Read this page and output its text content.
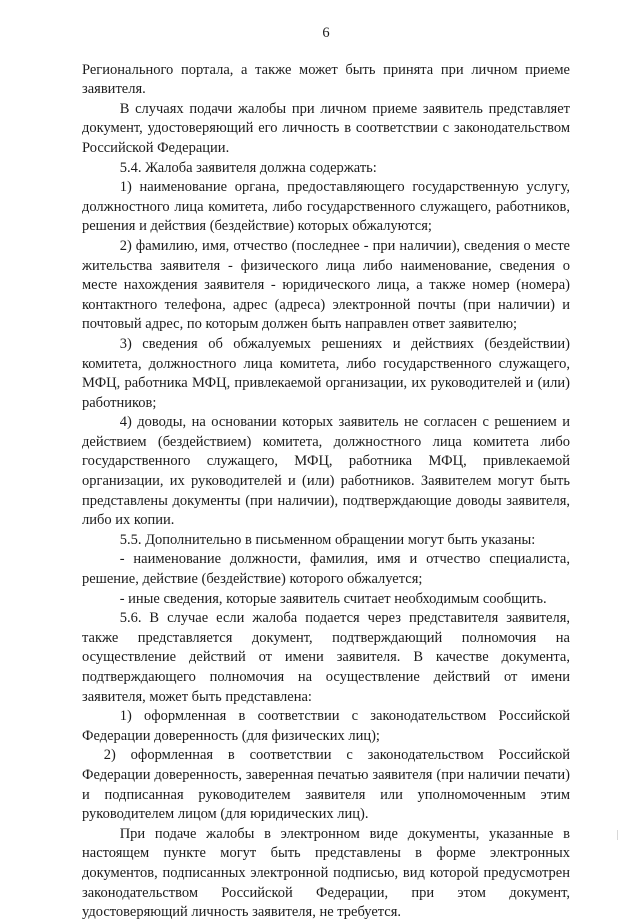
6

Регионального портала, а также может быть принята при личном приеме заявителя.

В случаях подачи жалобы при личном приеме заявитель представляет документ, удостоверяющий его личность в соответствии с законодательством Российской Федерации.

5.4. Жалоба заявителя должна содержать:

1) наименование органа, предоставляющего государственную услугу, должностного лица комитета, либо государственного служащего, работников, решения и действия (бездействие) которых обжалуются;

2) фамилию, имя, отчество (последнее - при наличии), сведения о месте жительства заявителя - физического лица либо наименование, сведения о месте нахождения заявителя - юридического лица, а также номер (номера) контактного телефона, адрес (адреса) электронной почты (при наличии) и почтовый адрес, по которым должен быть направлен ответ заявителю;

3) сведения об обжалуемых решениях и действиях (бездействии) комитета, должностного лица комитета, либо государственного служащего, МФЦ, работника МФЦ, привлекаемой организации, их руководителей и (или) работников;

4) доводы, на основании которых заявитель не согласен с решением и действием (бездействием) комитета, должностного лица комитета либо государственного служащего, МФЦ, работника МФЦ, привлекаемой организации, их руководителей и (или) работников. Заявителем могут быть представлены документы (при наличии), подтверждающие доводы заявителя, либо их копии.

5.5. Дополнительно в письменном обращении могут быть указаны:

- наименование должности, фамилия, имя и отчество специалиста, решение, действие (бездействие) которого обжалуется;

- иные сведения, которые заявитель считает необходимым сообщить.

5.6. В случае если жалоба подается через представителя заявителя, также представляется документ, подтверждающий полномочия на осуществление действий от имени заявителя. В качестве документа, подтверждающего полномочия на осуществление действий от имени заявителя, может быть представлена:

1) оформленная в соответствии с законодательством Российской Федерации доверенность (для физических лиц);

2) оформленная в соответствии с законодательством Российской Федерации доверенность, заверенная печатью заявителя (при наличии печати) и подписанная руководителем заявителя или уполномоченным этим руководителем лицом (для юридических лиц).

При подаче жалобы в электронном виде документы, указанные в настоящем пункте могут быть представлены в форме электронных документов, подписанных электронной подписью, вид которой предусмотрен законодательством Российской Федерации, при этом документ, удостоверяющий личность заявителя, не требуется.
